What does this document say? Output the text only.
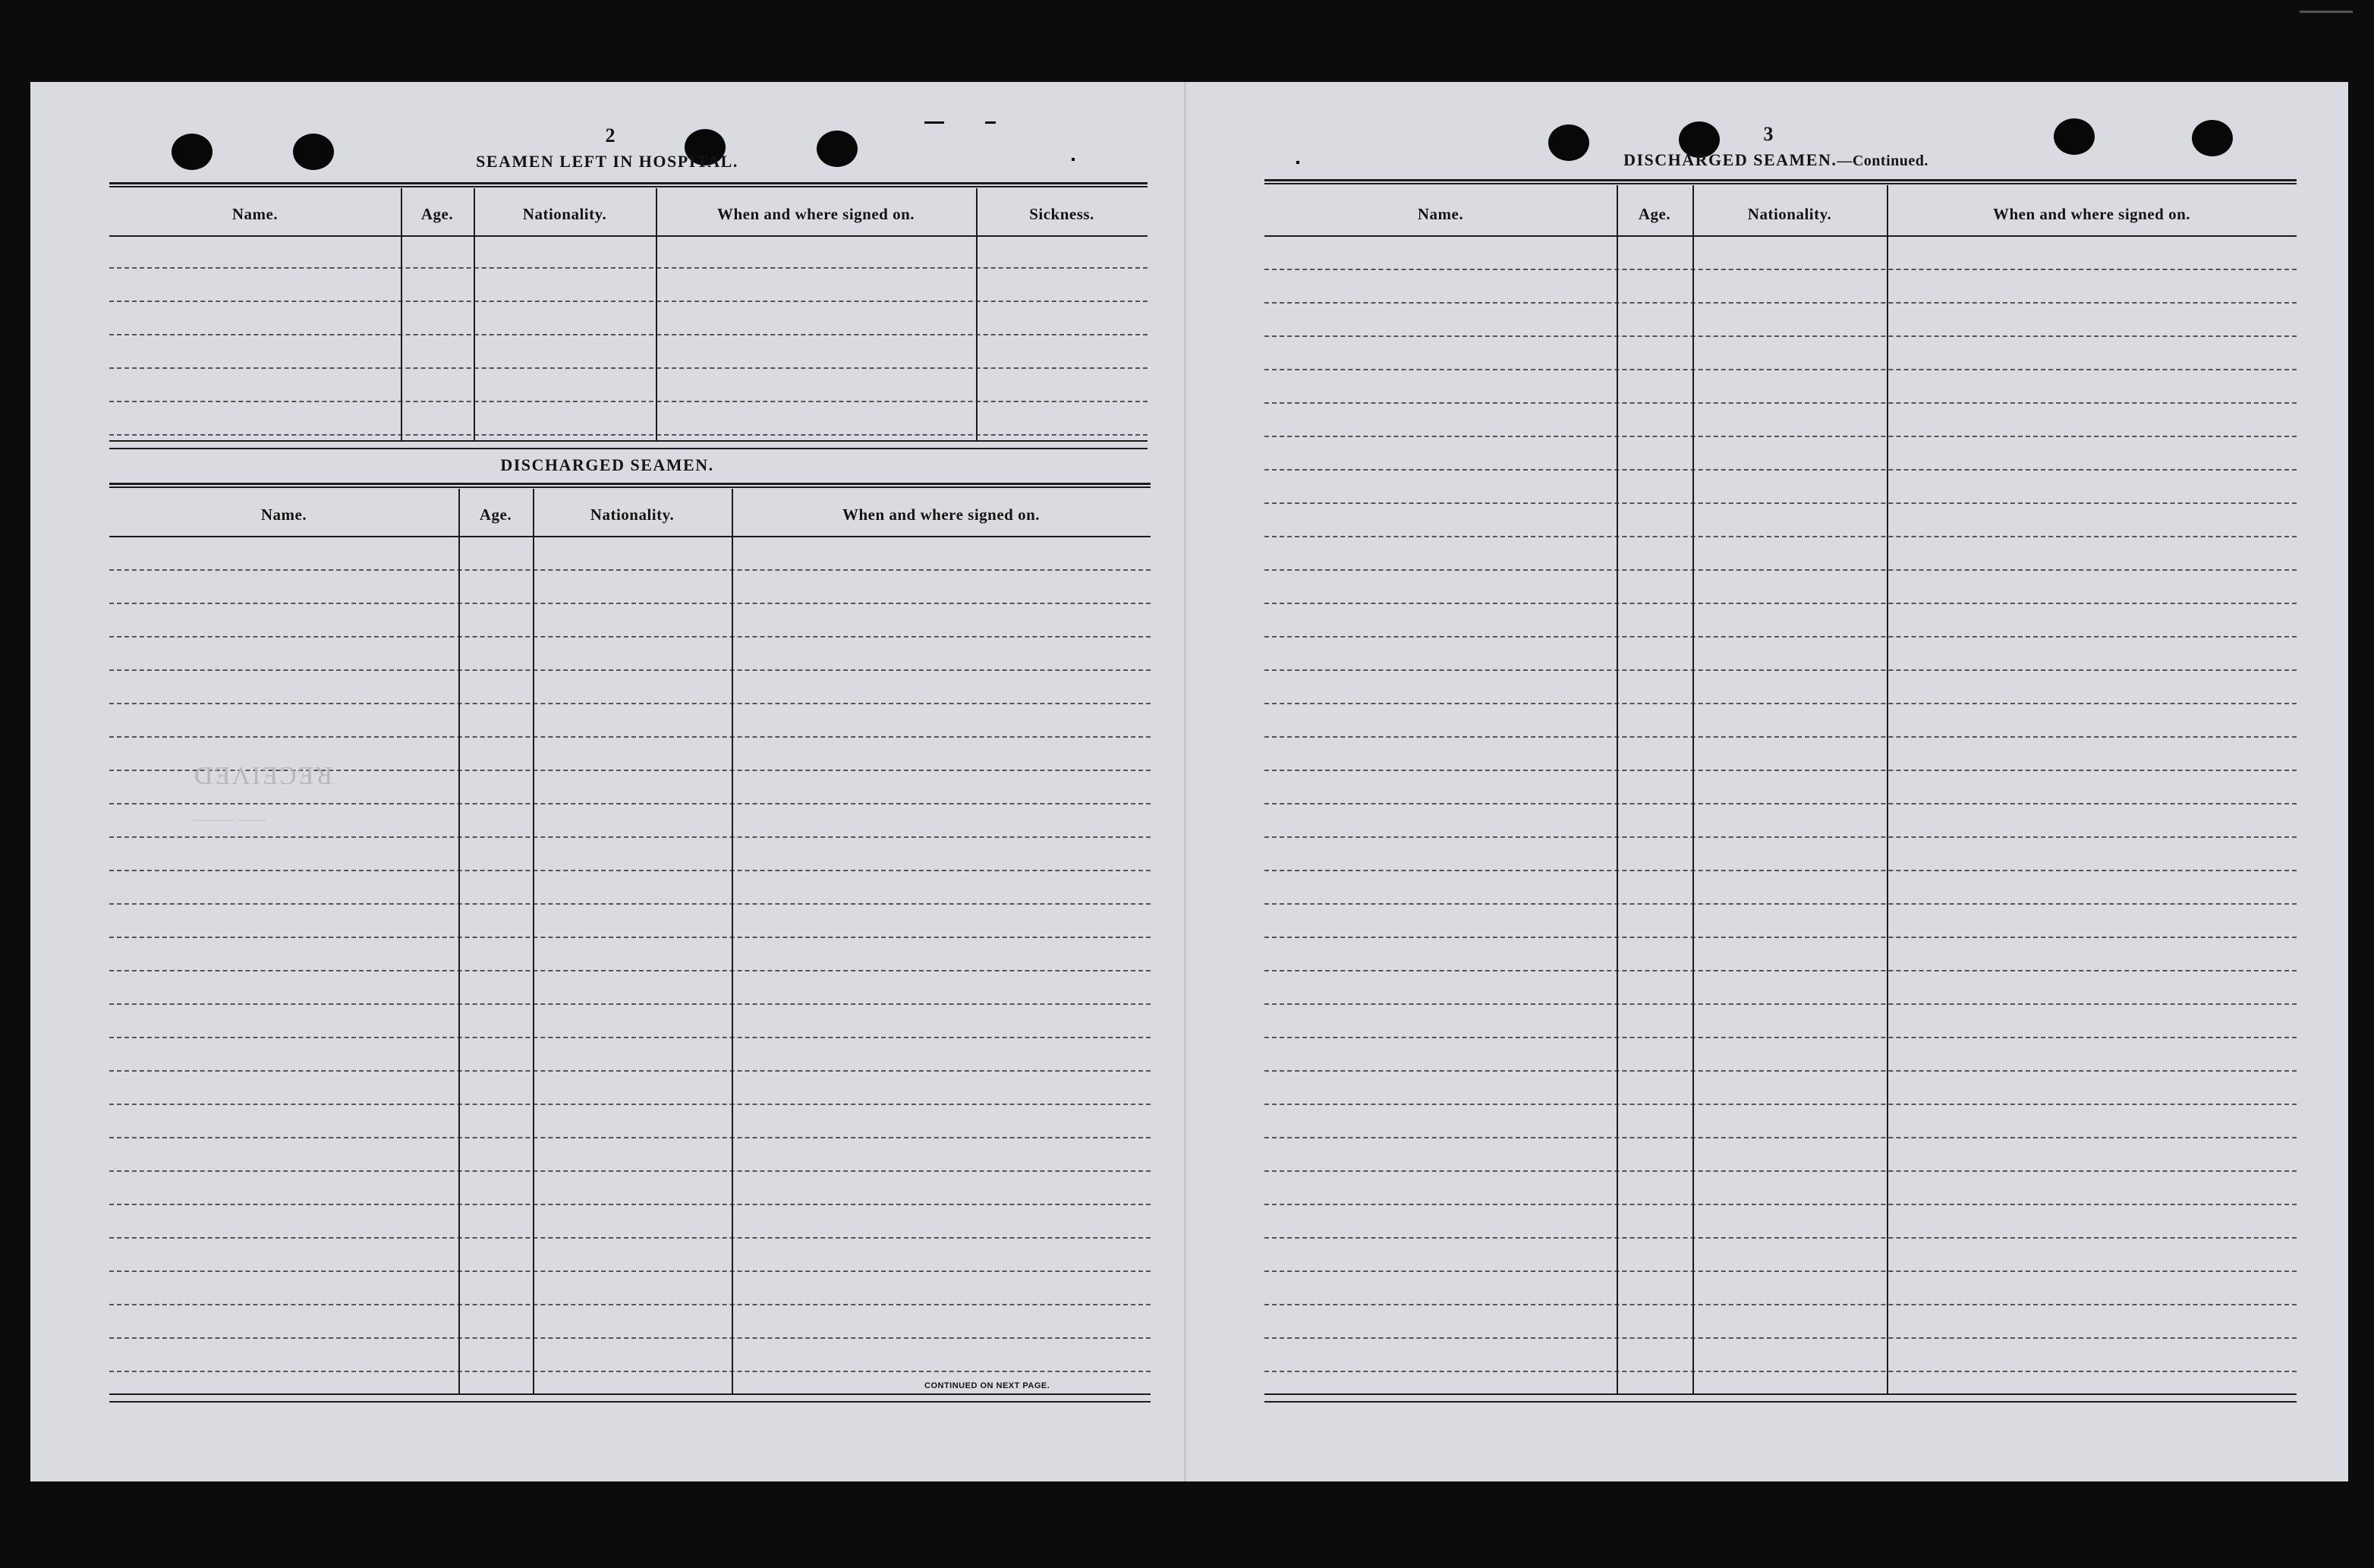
2
SEAMEN LEFT IN HOSPITAL.
Name.	Age.	Nationality.	When and where signed on.	Sickness.
DISCHARGED SEAMEN.
Name.	Age.	Nationality.	When and where signed on.
RECEIVED
⸺ ⸻
CONTINUED ON NEXT PAGE.
3
DISCHARGED SEAMEN.—Continued.
Name.	Age.	Nationality.	When and where signed on.
